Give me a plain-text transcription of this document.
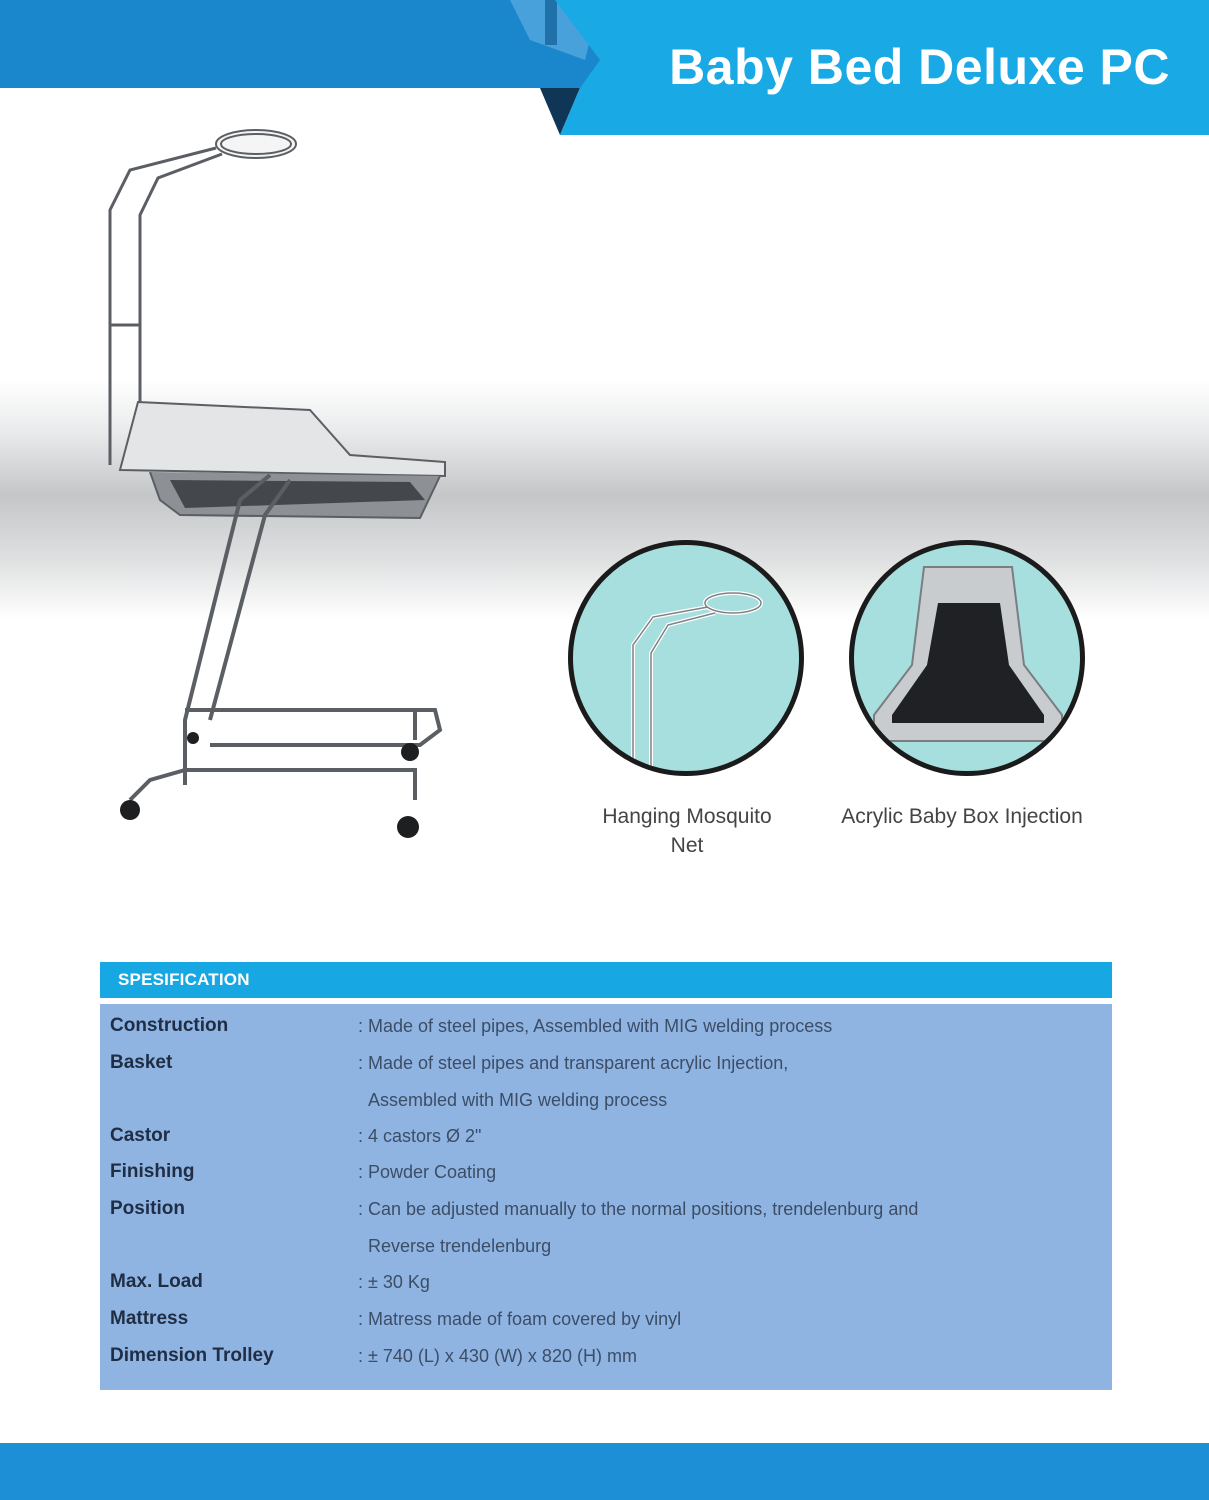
Baby Bed Deluxe PC
Hanging Mosquito
Net
Acrylic Baby Box Injection
SPESIFICATION
Construction	: Made of steel pipes, Assembled with MIG welding process
Basket	: Made of steel pipes and transparent acrylic Injection,
Assembled with MIG welding process
Castor	: 4 castors Ø 2"
Finishing	: Powder Coating
Position	: Can be adjusted manually to the normal positions, trendelenburg and
Reverse trendelenburg
Max. Load	: ± 30 Kg
Mattress	: Matress made of foam covered by vinyl
Dimension Trolley	: ± 740 (L) x 430 (W) x 820 (H) mm
